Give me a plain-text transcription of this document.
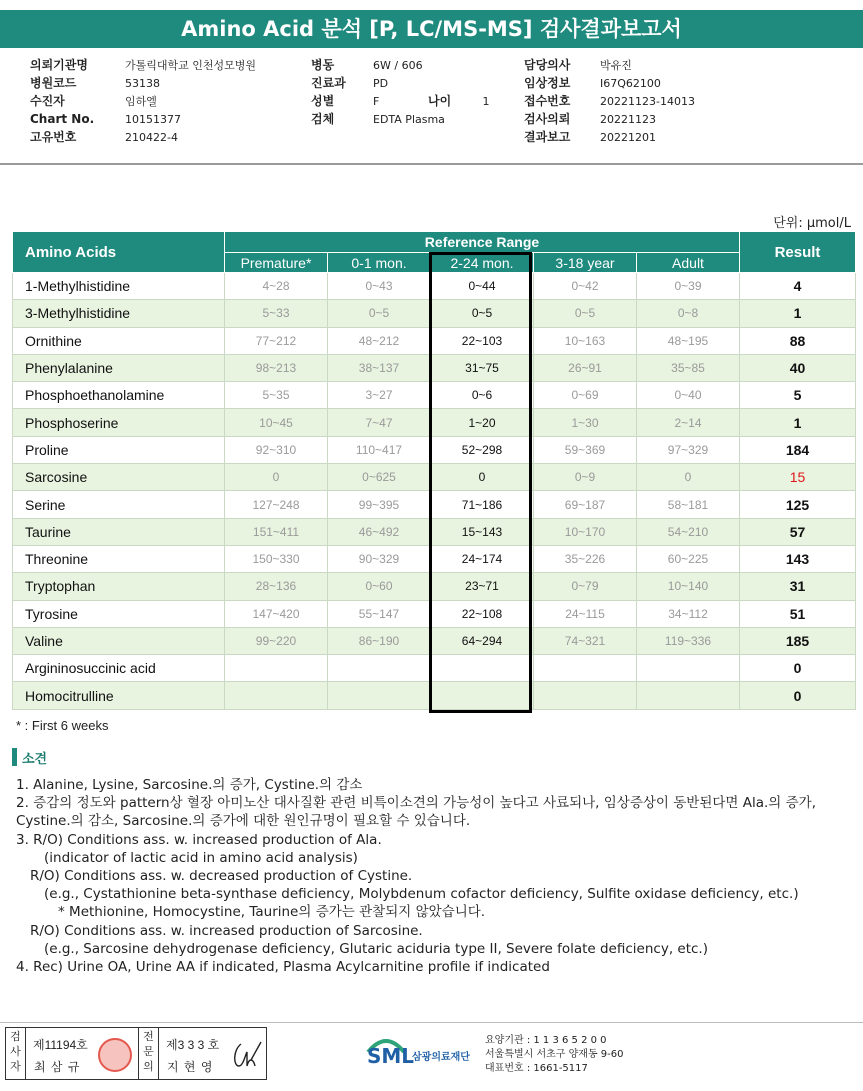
Amino Acid 분석 [P, LC/MS-MS] 검사결과보고서
의뢰기관명	가톨릭대학교 인천성모병원
병원코드	53138
수진자	임하엘
Chart No.	10151377
고유번호	210422-4
병동	6W / 606
진료과 PD
성별	F
검체	EDTA Plasma
나이	1
담당의사	박유진
임상정보	I67Q62100
접수번호	20221123-14013
검사의뢰	20221123
결과보고	20221201
단위: μmol/L
Amino Acids	Reference Range					Result
	Premature*	0-1 mon.	2-24 mon.	3-18 year	Adult	
1-Methylhistidine	4~28	0~43	0~44	0~42	0~39	4
3-Methylhistidine	5~33	0~5	0~5	0~5	0~8	1
Ornithine	77~212	48~212	22~103	10~163	48~195	88
Phenylalanine	98~213	38~137	31~75	26~91	35~85	40
Phosphoethanolamine	5~35	3~27	0~6	0~69	0~40	5
Phosphoserine	10~45	7~47	1~20	1~30	2~14	1
Proline	92~310	110~417	52~298	59~369	97~329	184
Sarcosine	0	0~625	0	0~9	0	15
Serine	127~248	99~395	71~186	69~187	58~181	125
Taurine	151~411	46~492	15~143	10~170	54~210	57
Threonine	150~330	90~329	24~174	35~226	60~225	143
Tryptophan	28~136	0~60	23~71	0~79	10~140	31
Tyrosine	147~420	55~147	22~108	24~115	34~112	51
Valine	99~220	86~190	64~294	74~321	119~336	185
Argininosuccinic acid						0
Homocitrulline						0
* : First 6 weeks
소견
1. Alanine, Lysine, Sarcosine.의 증가, Cystine.의 감소
2. 증감의 정도와 pattern상 혈장 아미노산 대사질환 관련 비특이소견의 가능성이 높다고 사료되나, 임상증상이 동반된다면 Ala.의 증가,
Cystine.의 감소, Sarcosine.의 증가에 대한 원인규명이 필요할 수 있습니다.
3. R/O) Conditions ass. w. increased production of Ala.
(indicator of lactic acid in amino acid analysis)
R/O) Conditions ass. w. decreased production of Cystine.
(e.g., Cystathionine beta-synthase deficiency, Molybdenum cofactor deficiency, Sulfite oxidase deficiency, etc.)
* Methionine, Homocystine, Taurine의 증가는 관찰되지 않았습니다.
R/O) Conditions ass. w. increased production of Sarcosine.
(e.g., Sarcosine dehydrogenase deficiency, Glutaric aciduria type II, Severe folate deficiency, etc.)
4. Rec) Urine OA, Urine AA if indicated, Plasma Acylcarnitine profile if indicated
검
사
자
제11194호
최 삼 규
전
문
의
제3 3 3 호
지 현 영	SML
삼광의료재단
요양기관 : 1 1 3 6 5 2 0 0
서울특별시 서초구 양재동 9-60
대표번호 : 1661-5117
